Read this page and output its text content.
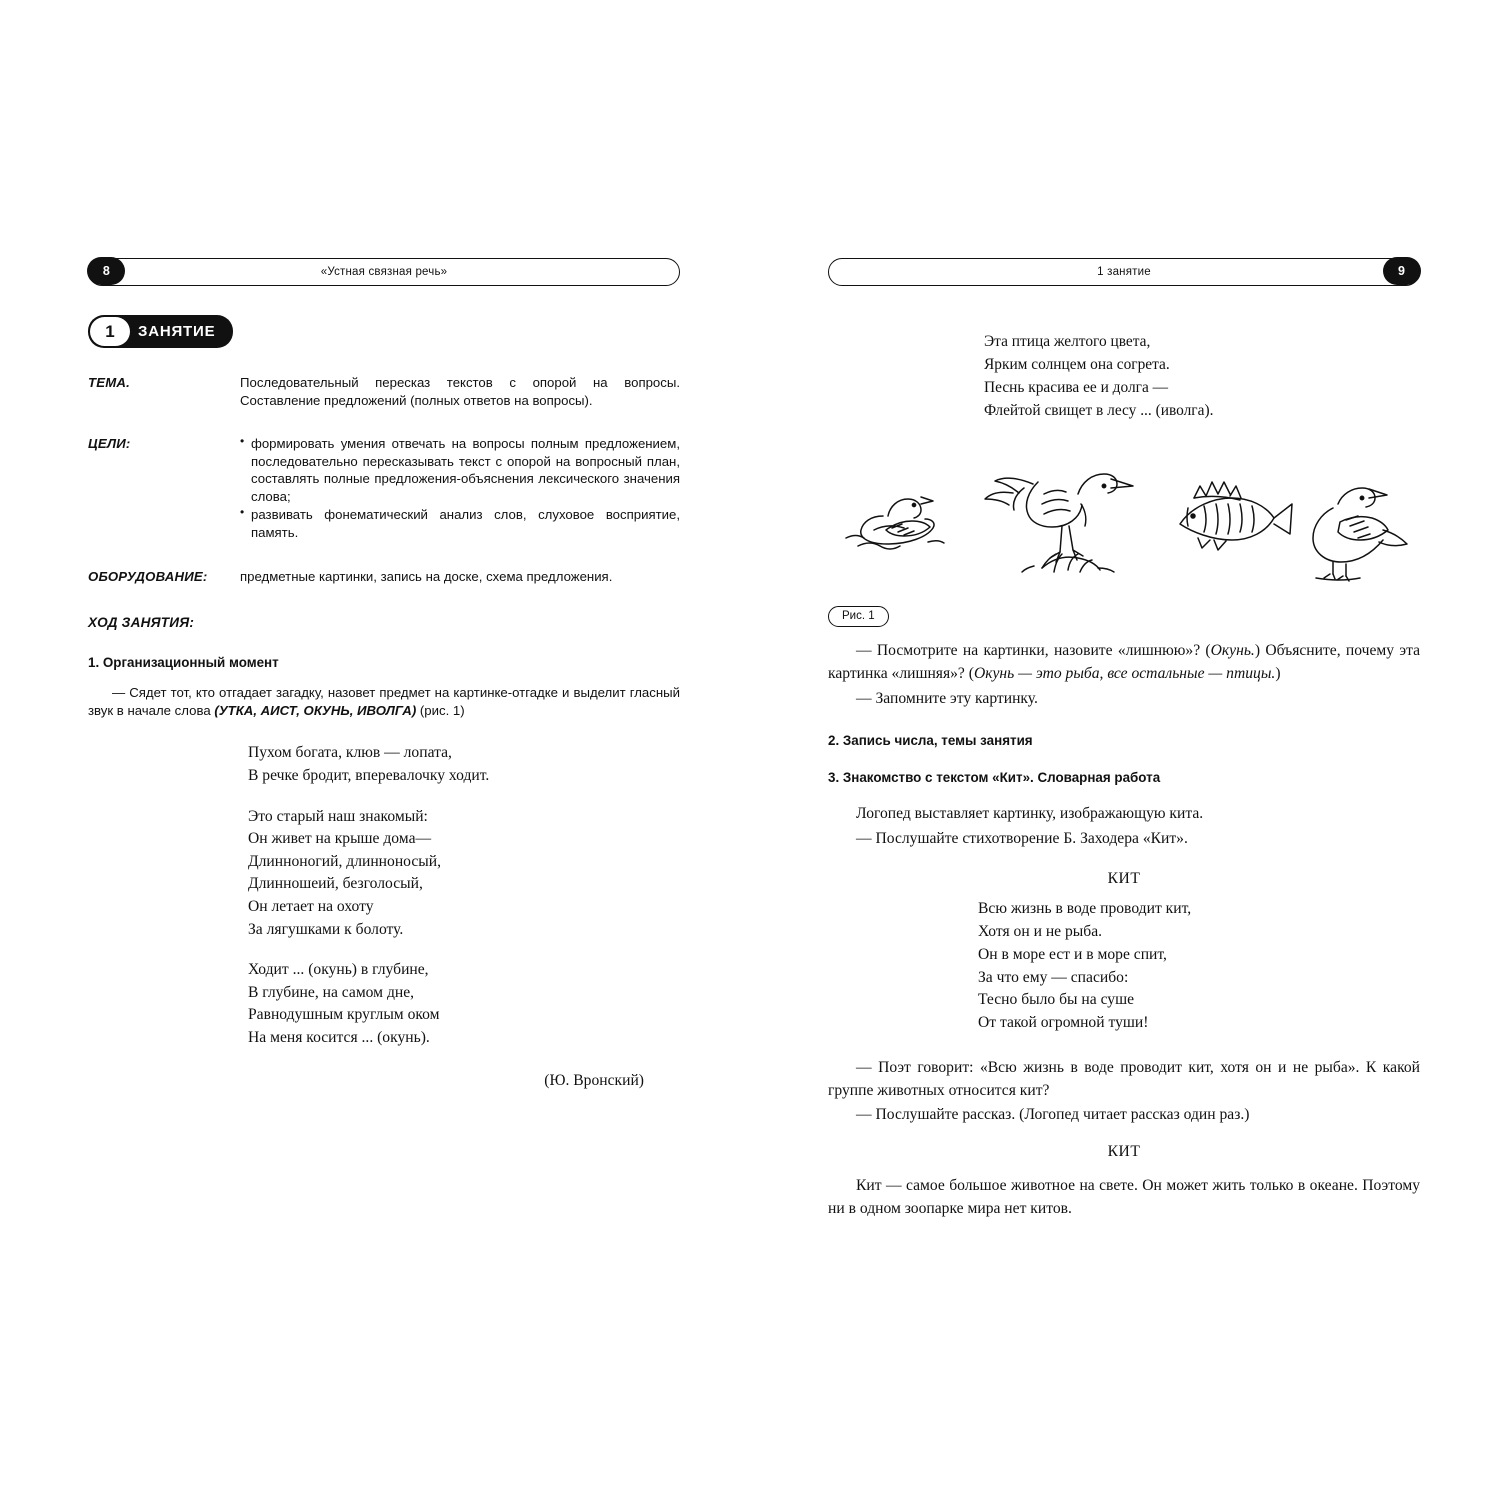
8	«Устная связная речь»
1	ЗАНЯТИЕ
ТЕМА.	Последовательный пересказ текстов с опорой на вопросы. Составление предложений (полных ответов на вопросы).
ЦЕЛИ:	• формировать умения отвечать на вопросы полным предложением, последовательно пересказывать текст с опорой на вопросный план, составлять полные предложения-объяснения лексического значения слова;
• развивать фонематический анализ слов, слуховое восприятие, память.
ОБОРУДОВАНИЕ:	предметные картинки, запись на доске, схема предложения.
ХОД ЗАНЯТИЯ:
1. Организационный момент
— Сядет тот, кто отгадает загадку, назовет предмет на картинке-отгадке и выделит гласный звук в начале слова (УТКА, АИСТ, ОКУНЬ, ИВОЛГА) (рис. 1)
Пухом богата, клюв — лопата,
В речке бродит, вперевалочку ходит.
Это старый наш знакомый:
Он живет на крыше дома—
Длинноногий, длинноносый,
Длинношеий, безголосый,
Он летает на охоту
За лягушками к болоту.
Ходит ... (окунь) в глубине,
В глубине, на самом дне,
Равнодушным круглым оком
На меня косится ... (окунь).
(Ю. Вронский)
9
1 занятие
Эта птица желтого цвета,
Ярким солнцем она согрета.
Песнь красива ее и долга —
Флейтой свищет в лесу ... (иволга).
Рис. 1
— Посмотрите на картинки, назовите «лишнюю»? (Окунь.) Объясните, почему эта картинка «лишняя»? (Окунь — это рыба, все остальные — птицы.)
— Запомните эту картинку.
2. Запись числа, темы занятия
3. Знакомство с текстом «Кит». Словарная работа
Логопед выставляет картинку, изображающую кита.
— Послушайте стихотворение Б. Заходера «Кит».
КИТ
Всю жизнь в воде проводит кит,
Хотя он и не рыба.
Он в море ест и в море спит,
За что ему — спасибо:
Тесно было бы на суше
От такой огромной туши!
— Поэт говорит: «Всю жизнь в воде проводит кит, хотя он и не рыба». К какой группе животных относится кит?
— Послушайте рассказ. (Логопед читает рассказ один раз.)
КИТ
Кит — самое большое животное на свете. Он может жить только в океане. Поэтому ни в одном зоопарке мира нет китов.
